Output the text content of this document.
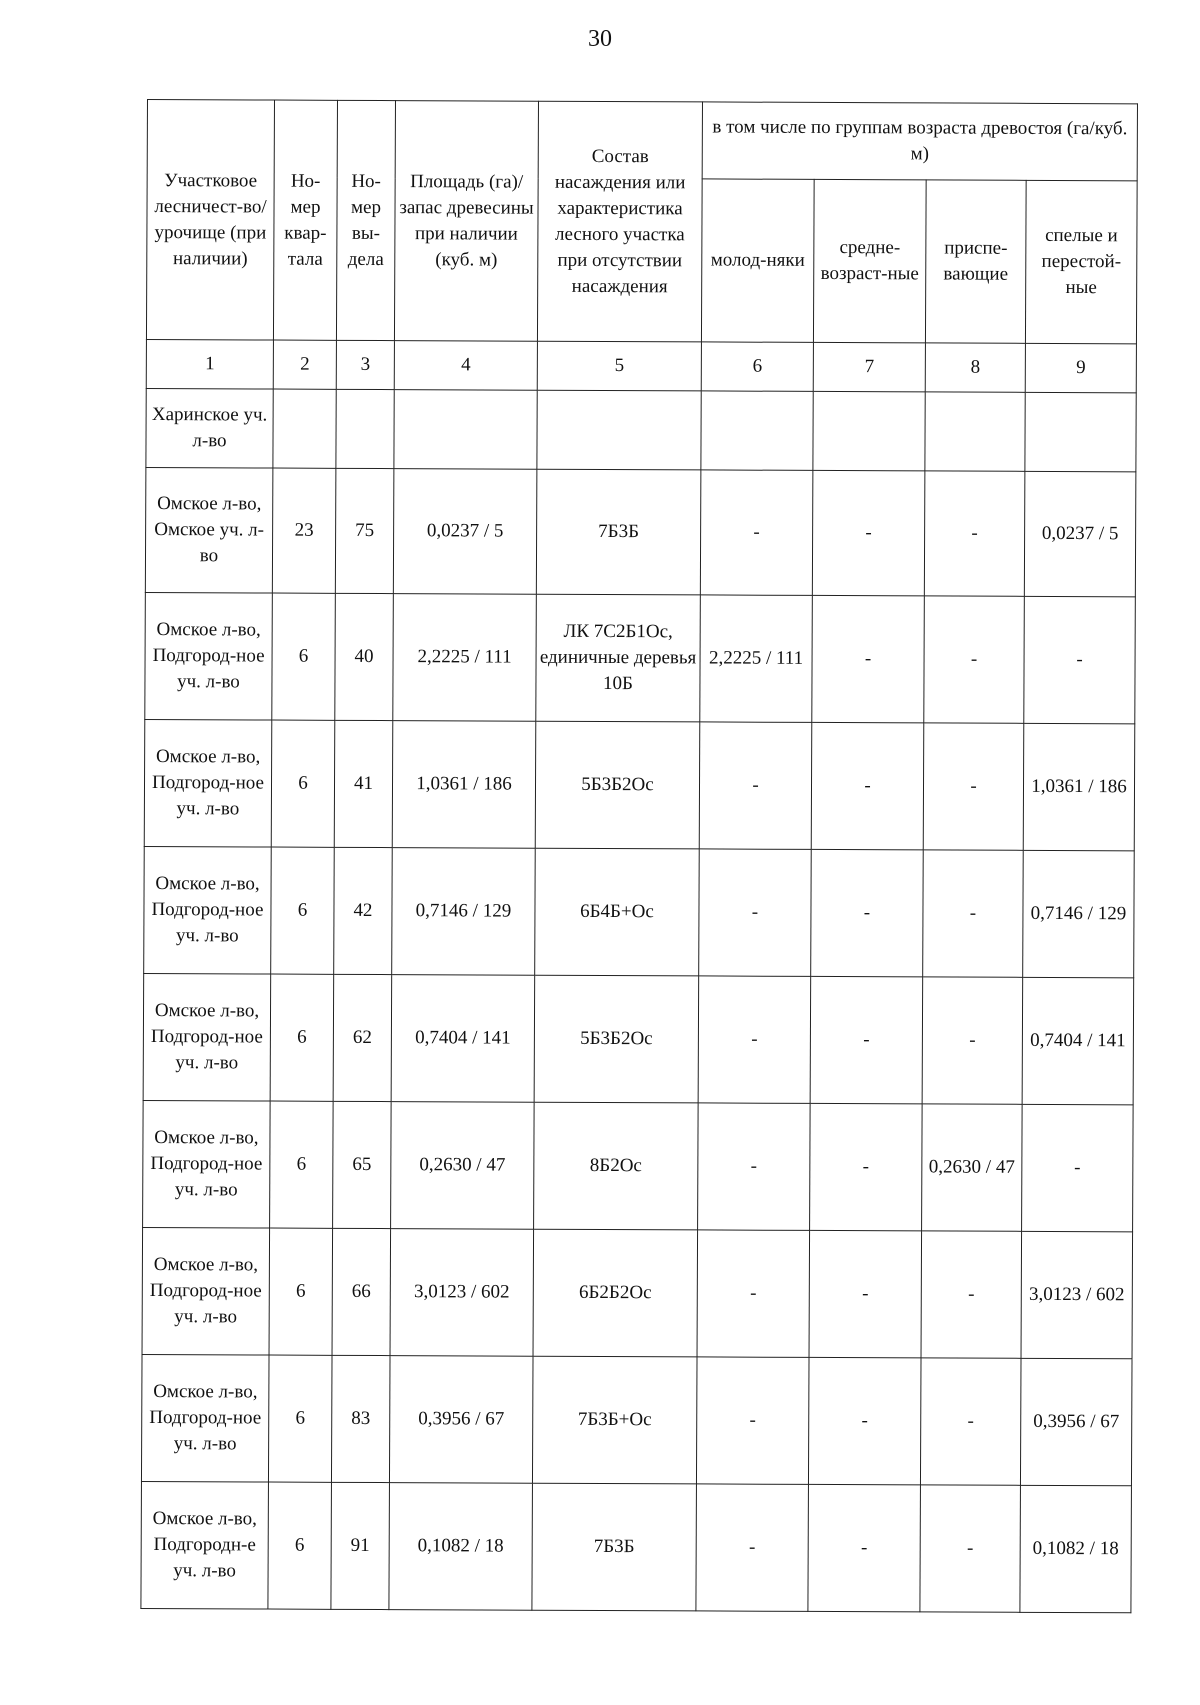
30
Участковое лесничест-во/урочище (при наличии)	Но-мер квар-тала	Но-мер вы-дела	Площадь (га)/запас древесины при наличии (куб. м)	Состав насаждения или характеристика лесного участка при отсутствии насаждения	в том числе по группам возраста древостоя (га/куб. м)			
					молод-няки	средне-возраст-ные	приспе-вающие	спелые и перестой-ные
1	2	3	4	5	6	7	8	9
Харинское уч. л-во								
Омское л-во, Омское уч. л-во	23	75	0,0237 / 5	7Б3Б	-	-	-	0,0237 / 5
Омское л-во, Подгород-ное уч. л-во	6	40	2,2225 / 111	ЛК 7С2Б1Ос, единичные деревья 10Б	2,2225 / 111	-	-	-
Омское л-во, Подгород-ное уч. л-во	6	41	1,0361 / 186	5Б3Б2Ос	-	-	-	1,0361 / 186
Омское л-во, Подгород-ное уч. л-во	6	42	0,7146 / 129	6Б4Б+Ос	-	-	-	0,7146 / 129
Омское л-во, Подгород-ное уч. л-во	6	62	0,7404 / 141	5Б3Б2Ос	-	-	-	0,7404 / 141
Омское л-во, Подгород-ное уч. л-во	6	65	0,2630 / 47	8Б2Ос	-	-	0,2630 / 47	-
Омское л-во, Подгород-ное уч. л-во	6	66	3,0123 / 602	6Б2Б2Ос	-	-	-	3,0123 / 602
Омское л-во, Подгород-ное уч. л-во	6	83	0,3956 / 67	7Б3Б+Ос	-	-	-	0,3956 / 67
Омское л-во, Подгородн-е уч. л-во	6	91	0,1082 / 18	7Б3Б	-	-	-	0,1082 / 18
